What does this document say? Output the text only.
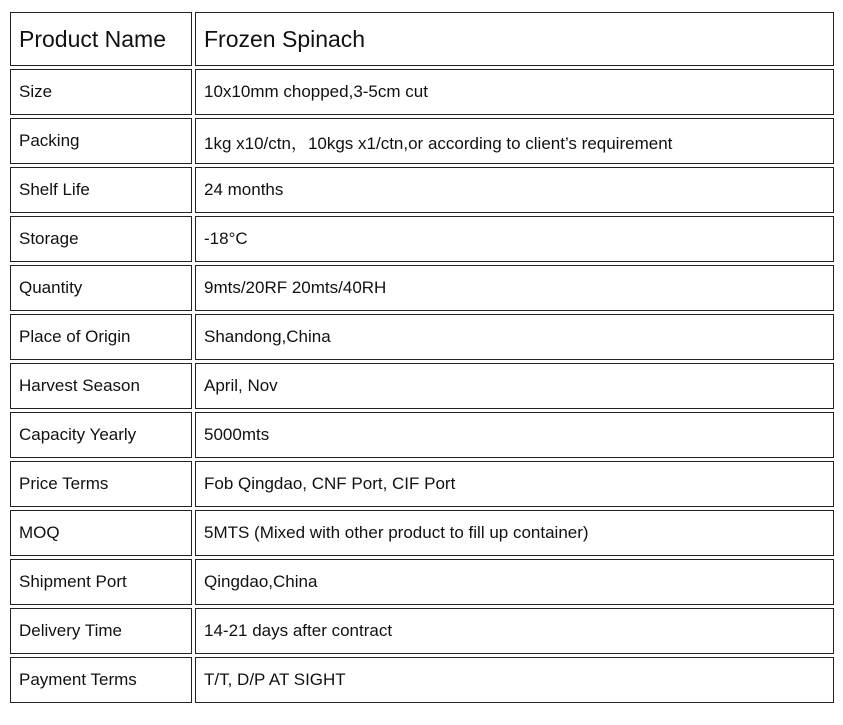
Product Name	Frozen Spinach
Size	10x10mm chopped,3-5cm cut
Packing	1kg x10/ctn，10kgs x1/ctn,or according to client’s requirement
Shelf Life	24 months
Storage	-18°C
Quantity	9mts/20RF 20mts/40RH
Place of Origin	Shandong,China
Harvest Season	April, Nov
Capacity Yearly	5000mts
Price Terms	Fob Qingdao, CNF Port, CIF Port
MOQ	5MTS (Mixed with other product to fill up container)
Shipment Port	Qingdao,China
Delivery Time	14-21 days after contract
Payment Terms	T/T, D/P AT SIGHT
